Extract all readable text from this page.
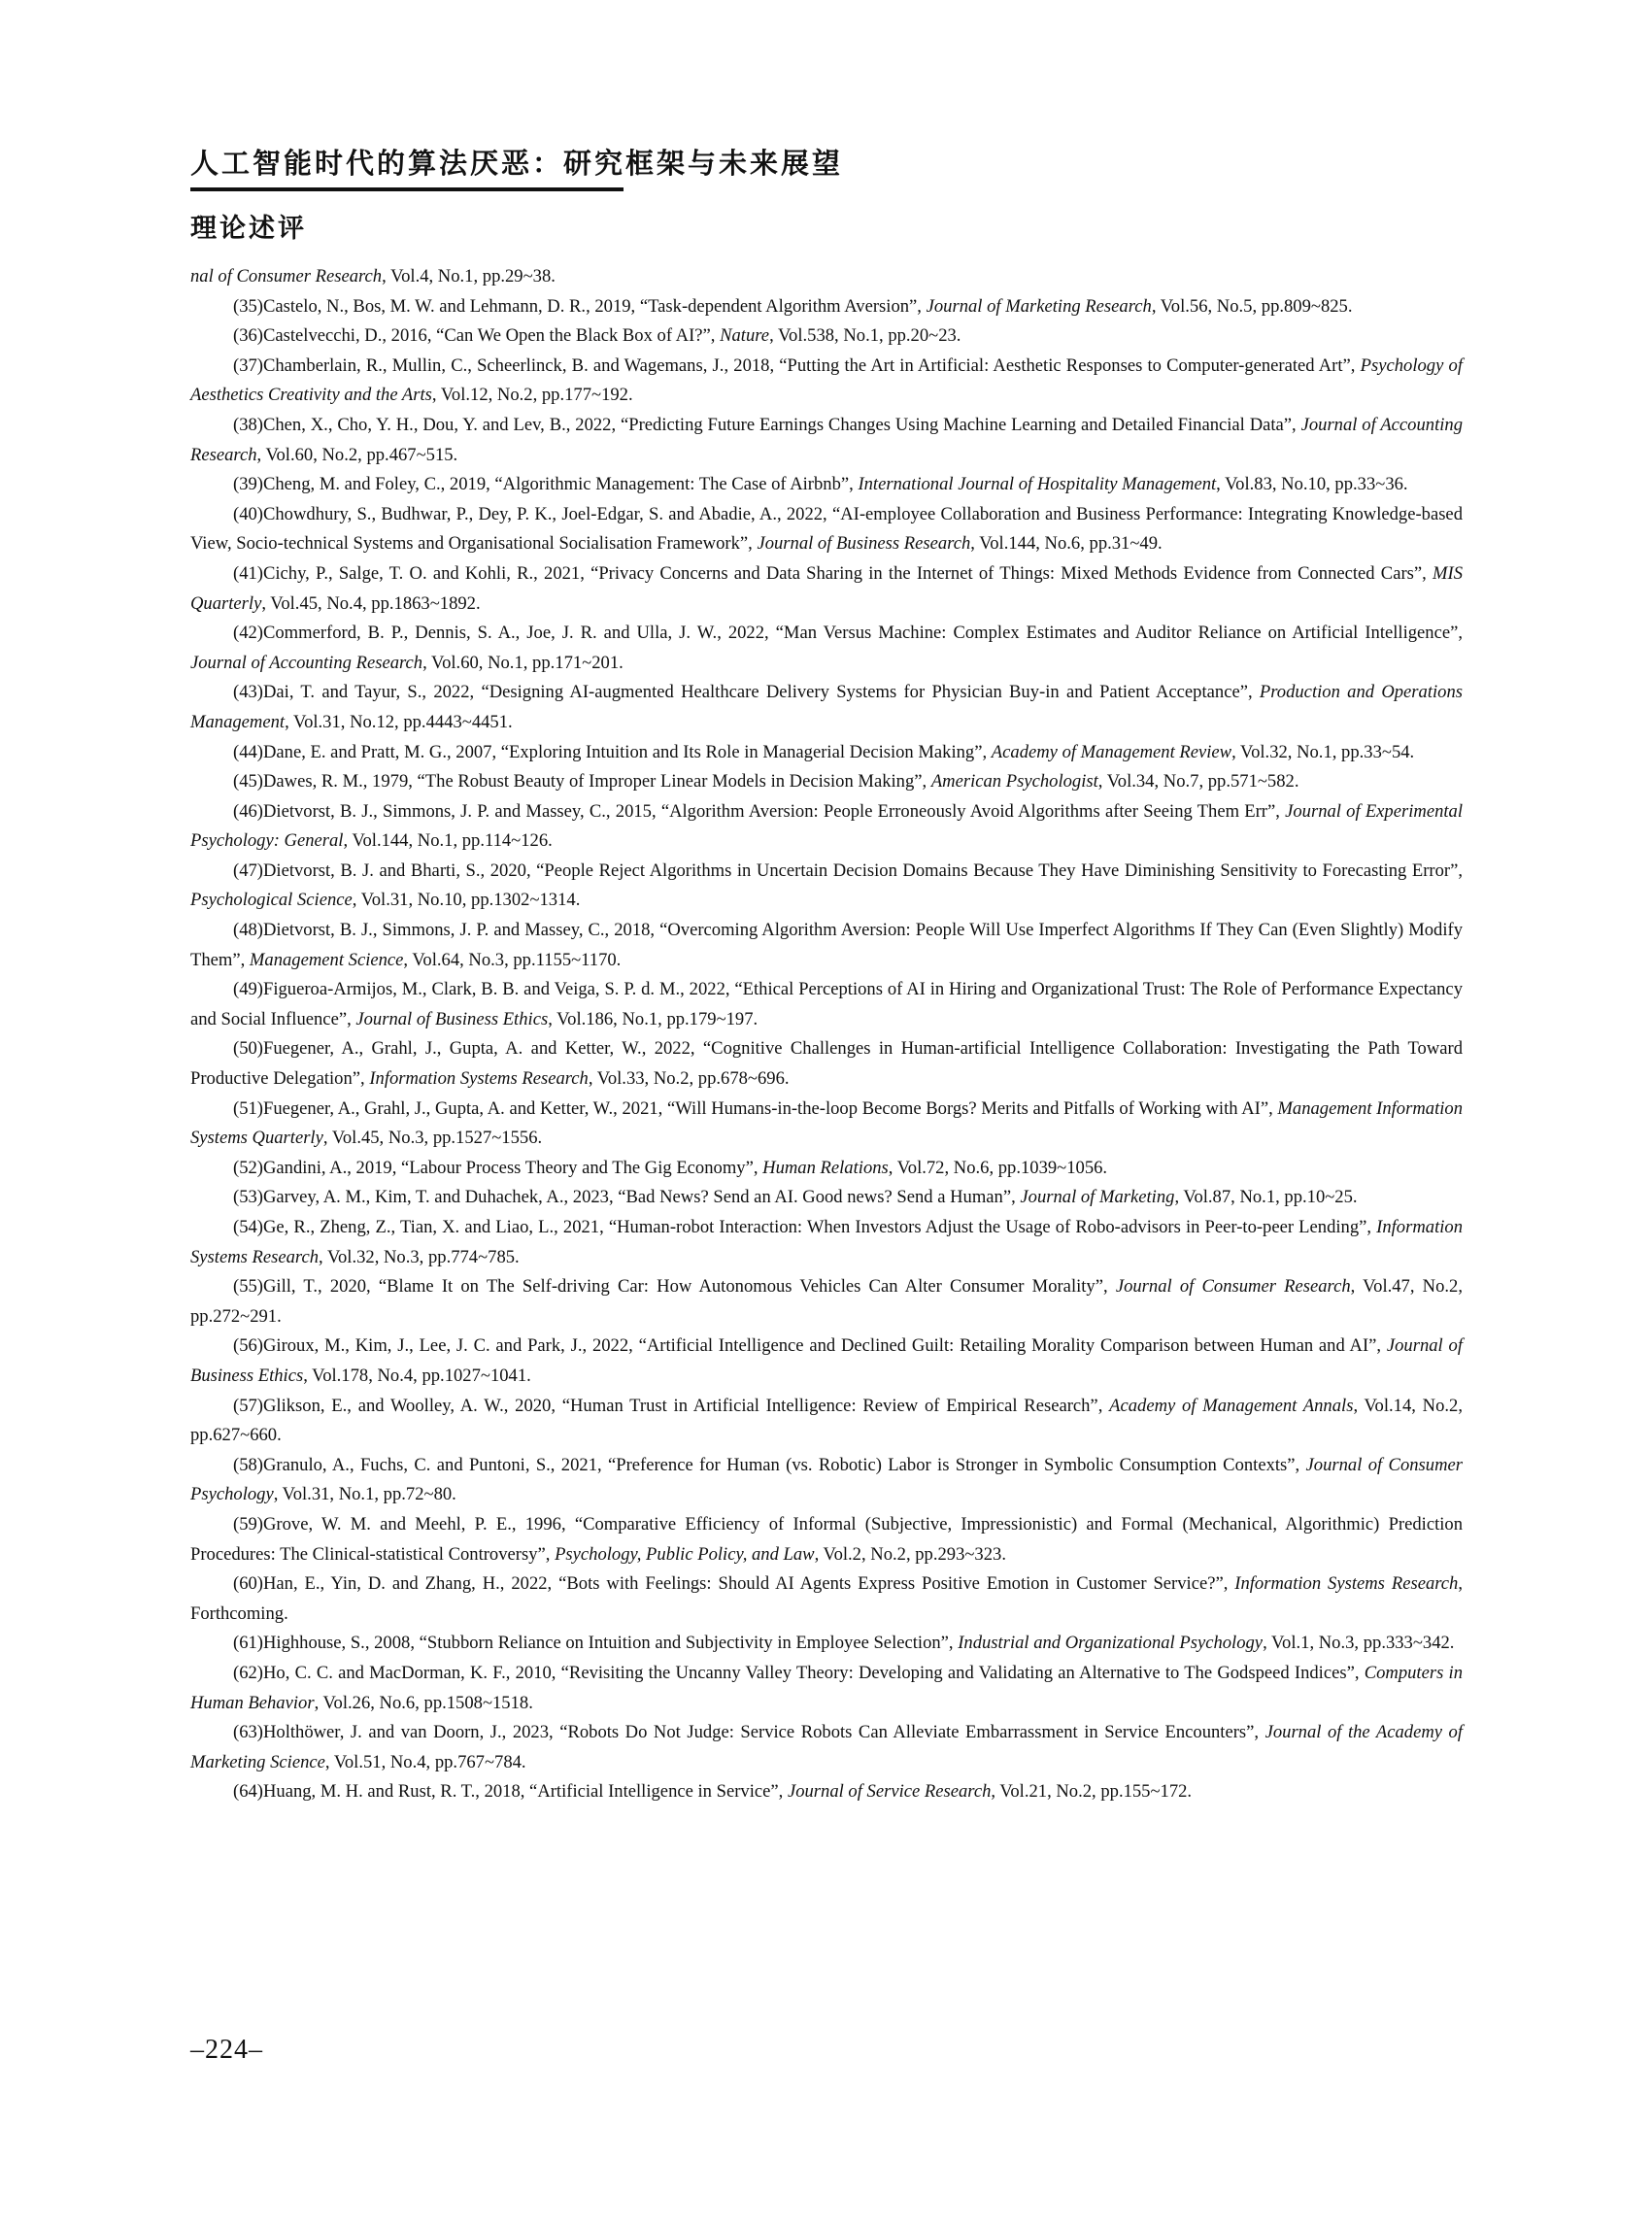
人工智能时代的算法厌恶：研究框架与未来展望
理论述评

nal of Consumer Research, Vol.4, No.1, pp.29~38.

(35)Castelo, N., Bos, M. W. and Lehmann, D. R., 2019, “Task-dependent Algorithm Aversion”, Journal of Marketing Research, Vol.56, No.5, pp.809~825.

(36)Castelvecchi, D., 2016, “Can We Open the Black Box of AI?”, Nature, Vol.538, No.1, pp.20~23.

(37)Chamberlain, R., Mullin, C., Scheerlinck, B. and Wagemans, J., 2018, “Putting the Art in Artificial: Aesthetic Responses to Computer-generated Art”, Psychology of Aesthetics Creativity and the Arts, Vol.12, No.2, pp.177~192.

(38)Chen, X., Cho, Y. H., Dou, Y. and Lev, B., 2022, “Predicting Future Earnings Changes Using Machine Learning and Detailed Financial Data”, Journal of Accounting Research, Vol.60, No.2, pp.467~515.

(39)Cheng, M. and Foley, C., 2019, “Algorithmic Management: The Case of Airbnb”, International Journal of Hospitality Management, Vol.83, No.10, pp.33~36.

(40)Chowdhury, S., Budhwar, P., Dey, P. K., Joel-Edgar, S. and Abadie, A., 2022, “AI-employee Collaboration and Business Performance: Integrating Knowledge-based View, Socio-technical Systems and Organisational Socialisation Framework”, Journal of Business Research, Vol.144, No.6, pp.31~49.

(41)Cichy, P., Salge, T. O. and Kohli, R., 2021, “Privacy Concerns and Data Sharing in the Internet of Things: Mixed Methods Evidence from Connected Cars”, MIS Quarterly, Vol.45, No.4, pp.1863~1892.

(42)Commerford, B. P., Dennis, S. A., Joe, J. R. and Ulla, J. W., 2022, “Man Versus Machine: Complex Estimates and Auditor Reliance on Artificial Intelligence”, Journal of Accounting Research, Vol.60, No.1, pp.171~201.

(43)Dai, T. and Tayur, S., 2022, “Designing AI-augmented Healthcare Delivery Systems for Physician Buy-in and Patient Acceptance”, Production and Operations Management, Vol.31, No.12, pp.4443~4451.

(44)Dane, E. and Pratt, M. G., 2007, “Exploring Intuition and Its Role in Managerial Decision Making”, Academy of Management Review, Vol.32, No.1, pp.33~54.

(45)Dawes, R. M., 1979, “The Robust Beauty of Improper Linear Models in Decision Making”, American Psychologist, Vol.34, No.7, pp.571~582.

(46)Dietvorst, B. J., Simmons, J. P. and Massey, C., 2015, “Algorithm Aversion: People Erroneously Avoid Algorithms after Seeing Them Err”, Journal of Experimental Psychology: General, Vol.144, No.1, pp.114~126.

(47)Dietvorst, B. J. and Bharti, S., 2020, “People Reject Algorithms in Uncertain Decision Domains Because They Have Diminishing Sensitivity to Forecasting Error”, Psychological Science, Vol.31, No.10, pp.1302~1314.

(48)Dietvorst, B. J., Simmons, J. P. and Massey, C., 2018, “Overcoming Algorithm Aversion: People Will Use Imperfect Algorithms If They Can (Even Slightly) Modify Them”, Management Science, Vol.64, No.3, pp.1155~1170.

(49)Figueroa-Armijos, M., Clark, B. B. and Veiga, S. P. d. M., 2022, “Ethical Perceptions of AI in Hiring and Organizational Trust: The Role of Performance Expectancy and Social Influence”, Journal of Business Ethics, Vol.186, No.1, pp.179~197.

(50)Fuegener, A., Grahl, J., Gupta, A. and Ketter, W., 2022, “Cognitive Challenges in Human-artificial Intelligence Collaboration: Investigating the Path Toward Productive Delegation”, Information Systems Research, Vol.33, No.2, pp.678~696.

(51)Fuegener, A., Grahl, J., Gupta, A. and Ketter, W., 2021, “Will Humans-in-the-loop Become Borgs? Merits and Pitfalls of Working with AI”, Management Information Systems Quarterly, Vol.45, No.3, pp.1527~1556.

(52)Gandini, A., 2019, “Labour Process Theory and The Gig Economy”, Human Relations, Vol.72, No.6, pp.1039~1056.

(53)Garvey, A. M., Kim, T. and Duhachek, A., 2023, “Bad News? Send an AI. Good news? Send a Human”, Journal of Marketing, Vol.87, No.1, pp.10~25.

(54)Ge, R., Zheng, Z., Tian, X. and Liao, L., 2021, “Human-robot Interaction: When Investors Adjust the Usage of Robo-advisors in Peer-to-peer Lending”, Information Systems Research, Vol.32, No.3, pp.774~785.

(55)Gill, T., 2020, “Blame It on The Self-driving Car: How Autonomous Vehicles Can Alter Consumer Morality”, Journal of Consumer Research, Vol.47, No.2, pp.272~291.

(56)Giroux, M., Kim, J., Lee, J. C. and Park, J., 2022, “Artificial Intelligence and Declined Guilt: Retailing Morality Comparison between Human and AI”, Journal of Business Ethics, Vol.178, No.4, pp.1027~1041.

(57)Glikson, E., and Woolley, A. W., 2020, “Human Trust in Artificial Intelligence: Review of Empirical Research”, Academy of Management Annals, Vol.14, No.2, pp.627~660.

(58)Granulo, A., Fuchs, C. and Puntoni, S., 2021, “Preference for Human (vs. Robotic) Labor is Stronger in Symbolic Consumption Contexts”, Journal of Consumer Psychology, Vol.31, No.1, pp.72~80.

(59)Grove, W. M. and Meehl, P. E., 1996, “Comparative Efficiency of Informal (Subjective, Impressionistic) and Formal (Mechanical, Algorithmic) Prediction Procedures: The Clinical-statistical Controversy”, Psychology, Public Policy, and Law, Vol.2, No.2, pp.293~323.

(60)Han, E., Yin, D. and Zhang, H., 2022, “Bots with Feelings: Should AI Agents Express Positive Emotion in Customer Service?”, Information Systems Research, Forthcoming.

(61)Highhouse, S., 2008, “Stubborn Reliance on Intuition and Subjectivity in Employee Selection”, Industrial and Organizational Psychology, Vol.1, No.3, pp.333~342.

(62)Ho, C. C. and MacDorman, K. F., 2010, “Revisiting the Uncanny Valley Theory: Developing and Validating an Alternative to The Godspeed Indices”, Computers in Human Behavior, Vol.26, No.6, pp.1508~1518.

(63)Holthöwer, J. and van Doorn, J., 2023, “Robots Do Not Judge: Service Robots Can Alleviate Embarrassment in Service Encounters”, Journal of the Academy of Marketing Science, Vol.51, No.4, pp.767~784.

(64)Huang, M. H. and Rust, R. T., 2018, “Artificial Intelligence in Service”, Journal of Service Research, Vol.21, No.2, pp.155~172.

–224–
